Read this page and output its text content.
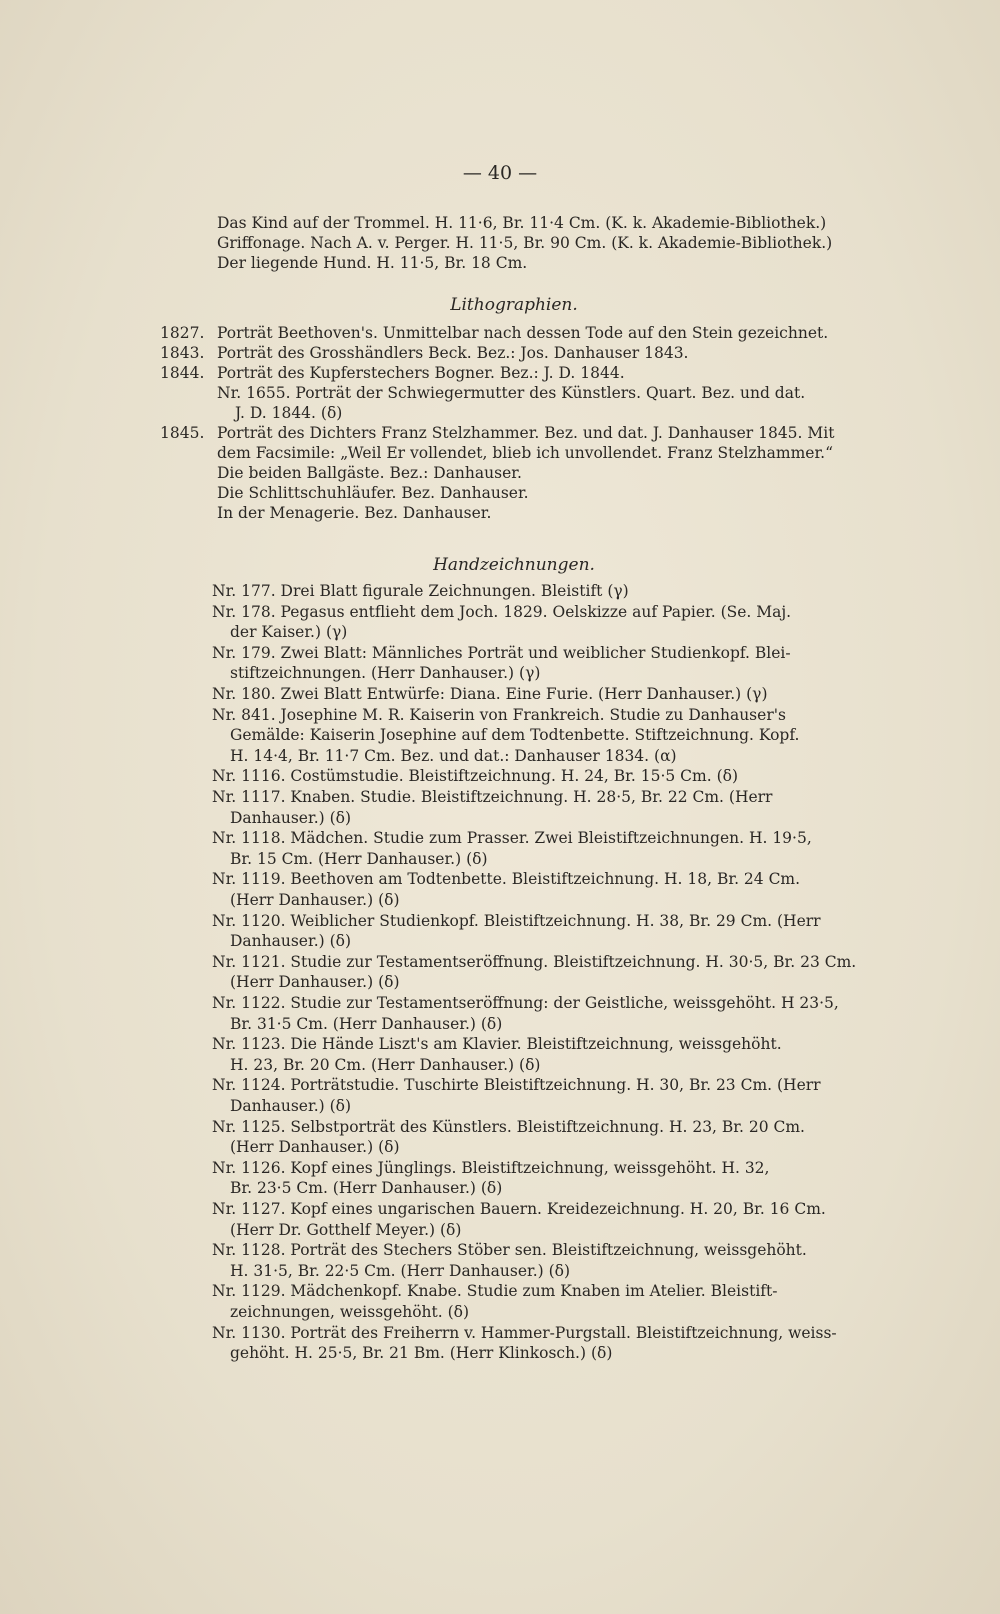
— 40 —
Das Kind auf der Trommel. H. 11·6, Br. 11·4 Cm. (K. k. Akademie-Bibliothek.)
Griffonage. Nach A. v. Perger. H. 11·5, Br. 90 Cm. (K. k. Akademie-Bibliothek.)
Der liegende Hund. H. 11·5, Br. 18 Cm.
Lithographien.
1827. Porträt Beethoven's. Unmittelbar nach dessen Tode auf den Stein gezeichnet.
1843. Porträt des Grosshändlers Beck. Bez.: Jos. Danhauser 1843.
1844. Porträt des Kupferstechers Bogner. Bez.: J. D. 1844.
Nr. 1655. Porträt der Schwiegermutter des Künstlers. Quart. Bez. und dat.
J. D. 1844. (δ)
1845. Porträt des Dichters Franz Stelzhammer. Bez. und dat. J. Danhauser 1845. Mit
dem Facsimile: „Weil Er vollendet, blieb ich unvollendet. Franz Stelzhammer.“
Die beiden Ballgäste. Bez.: Danhauser.
Die Schlittschuhläufer. Bez. Danhauser.
In der Menagerie. Bez. Danhauser.
Handzeichnungen.
Nr. 177. Drei Blatt figurale Zeichnungen. Bleistift (γ)
Nr. 178. Pegasus entflieht dem Joch. 1829. Oelskizze auf Papier. (Se. Maj.
der Kaiser.) (γ)
Nr. 179. Zwei Blatt: Männliches Porträt und weiblicher Studienkopf. Blei-
stiftzeichnungen. (Herr Danhauser.) (γ)
Nr. 180. Zwei Blatt Entwürfe: Diana. Eine Furie. (Herr Danhauser.) (γ)
Nr. 841. Josephine M. R. Kaiserin von Frankreich. Studie zu Danhauser's
Gemälde: Kaiserin Josephine auf dem Todtenbette. Stiftzeichnung. Kopf.
H. 14·4, Br. 11·7 Cm. Bez. und dat.: Danhauser 1834. (α)
Nr. 1116. Costümstudie. Bleistiftzeichnung. H. 24, Br. 15·5 Cm. (δ)
Nr. 1117. Knaben. Studie. Bleistiftzeichnung. H. 28·5, Br. 22 Cm. (Herr
Danhauser.) (δ)
Nr. 1118. Mädchen. Studie zum Prasser. Zwei Bleistiftzeichnungen. H. 19·5,
Br. 15 Cm. (Herr Danhauser.) (δ)
Nr. 1119. Beethoven am Todtenbette. Bleistiftzeichnung. H. 18, Br. 24 Cm.
(Herr Danhauser.) (δ)
Nr. 1120. Weiblicher Studienkopf. Bleistiftzeichnung. H. 38, Br. 29 Cm. (Herr
Danhauser.) (δ)
Nr. 1121. Studie zur Testamentseröffnung. Bleistiftzeichnung. H. 30·5, Br. 23 Cm.
(Herr Danhauser.) (δ)
Nr. 1122. Studie zur Testamentseröffnung: der Geistliche, weissgehöht. H 23·5,
Br. 31·5 Cm. (Herr Danhauser.) (δ)
Nr. 1123. Die Hände Liszt's am Klavier. Bleistiftzeichnung, weissgehöht.
H. 23, Br. 20 Cm. (Herr Danhauser.) (δ)
Nr. 1124. Porträtstudie. Tuschirte Bleistiftzeichnung. H. 30, Br. 23 Cm. (Herr
Danhauser.) (δ)
Nr. 1125. Selbstporträt des Künstlers. Bleistiftzeichnung. H. 23, Br. 20 Cm.
(Herr Danhauser.) (δ)
Nr. 1126. Kopf eines Jünglings. Bleistiftzeichnung, weissgehöht. H. 32,
Br. 23·5 Cm. (Herr Danhauser.) (δ)
Nr. 1127. Kopf eines ungarischen Bauern. Kreidezeichnung. H. 20, Br. 16 Cm.
(Herr Dr. Gotthelf Meyer.) (δ)
Nr. 1128. Porträt des Stechers Stöber sen. Bleistiftzeichnung, weissgehöht.
H. 31·5, Br. 22·5 Cm. (Herr Danhauser.) (δ)
Nr. 1129. Mädchenkopf. Knabe. Studie zum Knaben im Atelier. Bleistift-
zeichnungen, weissgehöht. (δ)
Nr. 1130. Porträt des Freiherrn v. Hammer-Purgstall. Bleistiftzeichnung, weiss-
gehöht. H. 25·5, Br. 21 Bm. (Herr Klinkosch.) (δ)
